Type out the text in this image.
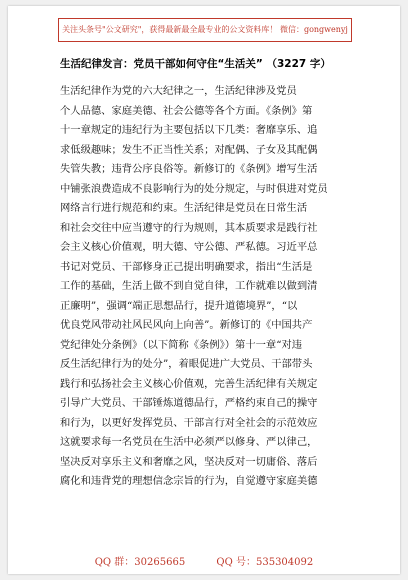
关注头条号"公文研究"，获得最新最全最专业的公文资料库！ 微信：gongwenyj
生活纪律发言：党员干部如何守住“生活关” （3227 字）
生活纪律作为党的六大纪律之一，生活纪律涉及党员
个人品德、家庭美德、社会公德等各个方面。《条例》第
十一章规定的违纪行为主要包括以下几类：奢靡享乐、追
求低级趣味；发生不正当性关系；对配偶、子女及其配偶
失管失教；违背公序良俗等。新修订的《条例》增写生活
中铺张浪费造成不良影响行为的处分规定，与时俱进对党员
网络言行进行规范和约束。生活纪律是党员在日常生活
和社会交往中应当遵守的行为规则，其本质要求是践行社
会主义核心价值观，明大德、守公德、严私德。习近平总
书记对党员、干部修身正己提出明确要求，指出“生活是
工作的基础，生活上做不到自觉自律，工作就难以做到清
正廉明”，强调“端正思想品行，提升道德境界”，“以
优良党风带动社风民风向上向善”。新修订的《中国共产
党纪律处分条例》（以下简称《条例》）第十一章“对违
反生活纪律行为的处分”，着眼促进广大党员、干部带头
践行和弘扬社会主义核心价值观，完善生活纪律有关规定
引导广大党员、干部锤炼道德品行，严格约束自己的操守
和行为，以更好发挥党员、干部言行对全社会的示范效应
这就要求每一名党员在生活中必须严以修身、严以律己，
坚决反对享乐主义和奢靡之风，坚决反对一切庸俗、落后
腐化和违背党的理想信念宗旨的行为，自觉遵守家庭美德
QQ 群：30265665	QQ 号：535304092
